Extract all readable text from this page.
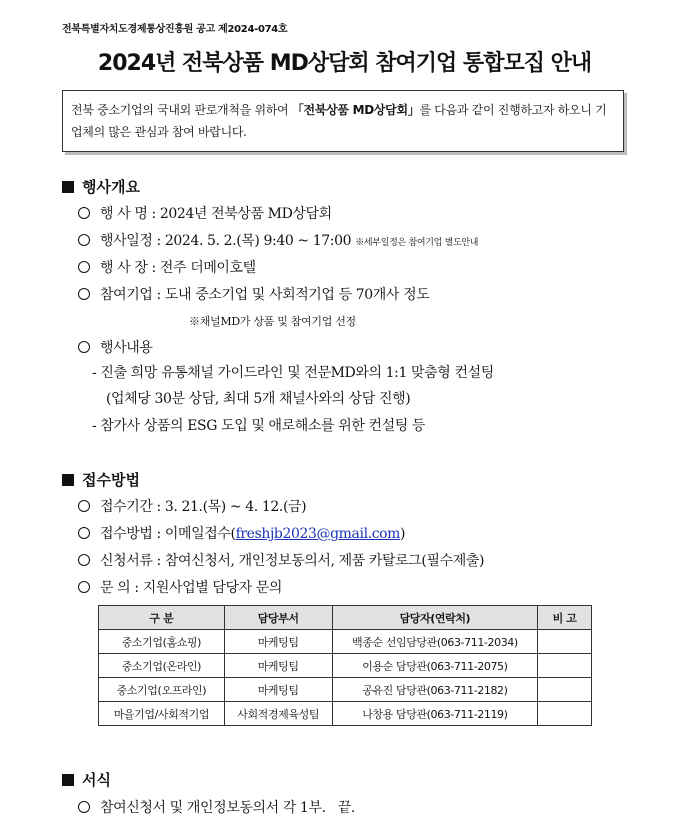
전북특별자치도경제통상진흥원 공고 제2024-074호
2024년 전북상품 MD상담회 참여기업 통합모집 안내
전북 중소기업의 국내외 판로개척을 위하여 「전북상품 MD상담회」를 다음과 같이 진행하고자 하오니 기업체의 많은 관심과 참여 바랍니다.
행사개요
행 사 명 : 2024년 전북상품 MD상담회
행사일정 : 2024. 5. 2.(목) 9:40 ~ 17:00 ※세부일정은 참여기업 별도안내
행 사 장 : 전주 더메이호텔
참여기업 : 도내 중소기업 및 사회적기업 등 70개사 정도
※채널MD가 상품 및 참여기업 선정
행사내용
- 진출 희망 유통채널 가이드라인 및 전문MD와의 1:1 맞춤형 컨설팅
(업체당 30분 상담, 최대 5개 채널사와의 상담 진행)
- 참가사 상품의 ESG 도입 및 애로해소를 위한 컨설팅 등
접수방법
접수기간 : 3. 21.(목) ~ 4. 12.(금)
접수방법 : 이메일접수(freshjb2023@gmail.com)
신청서류 : 참여신청서, 개인정보동의서, 제품 카탈로그(필수제출)
문 의 : 지원사업별 담당자 문의
구 분	담당부서	담당자(연락처)	비 고
중소기업(홈쇼핑)	마케팅팀	백종순 선임담당관(063-711-2034)	
중소기업(온라인)	마케팅팀	이용순 담당관(063-711-2075)	
중소기업(오프라인)	마케팅팀	공유진 담당관(063-711-2182)	
마을기업/사회적기업	사회적경제육성팀	나창용 담당관(063-711-2119)	
서식
참여신청서 및 개인정보동의서 각 1부. 끝.
